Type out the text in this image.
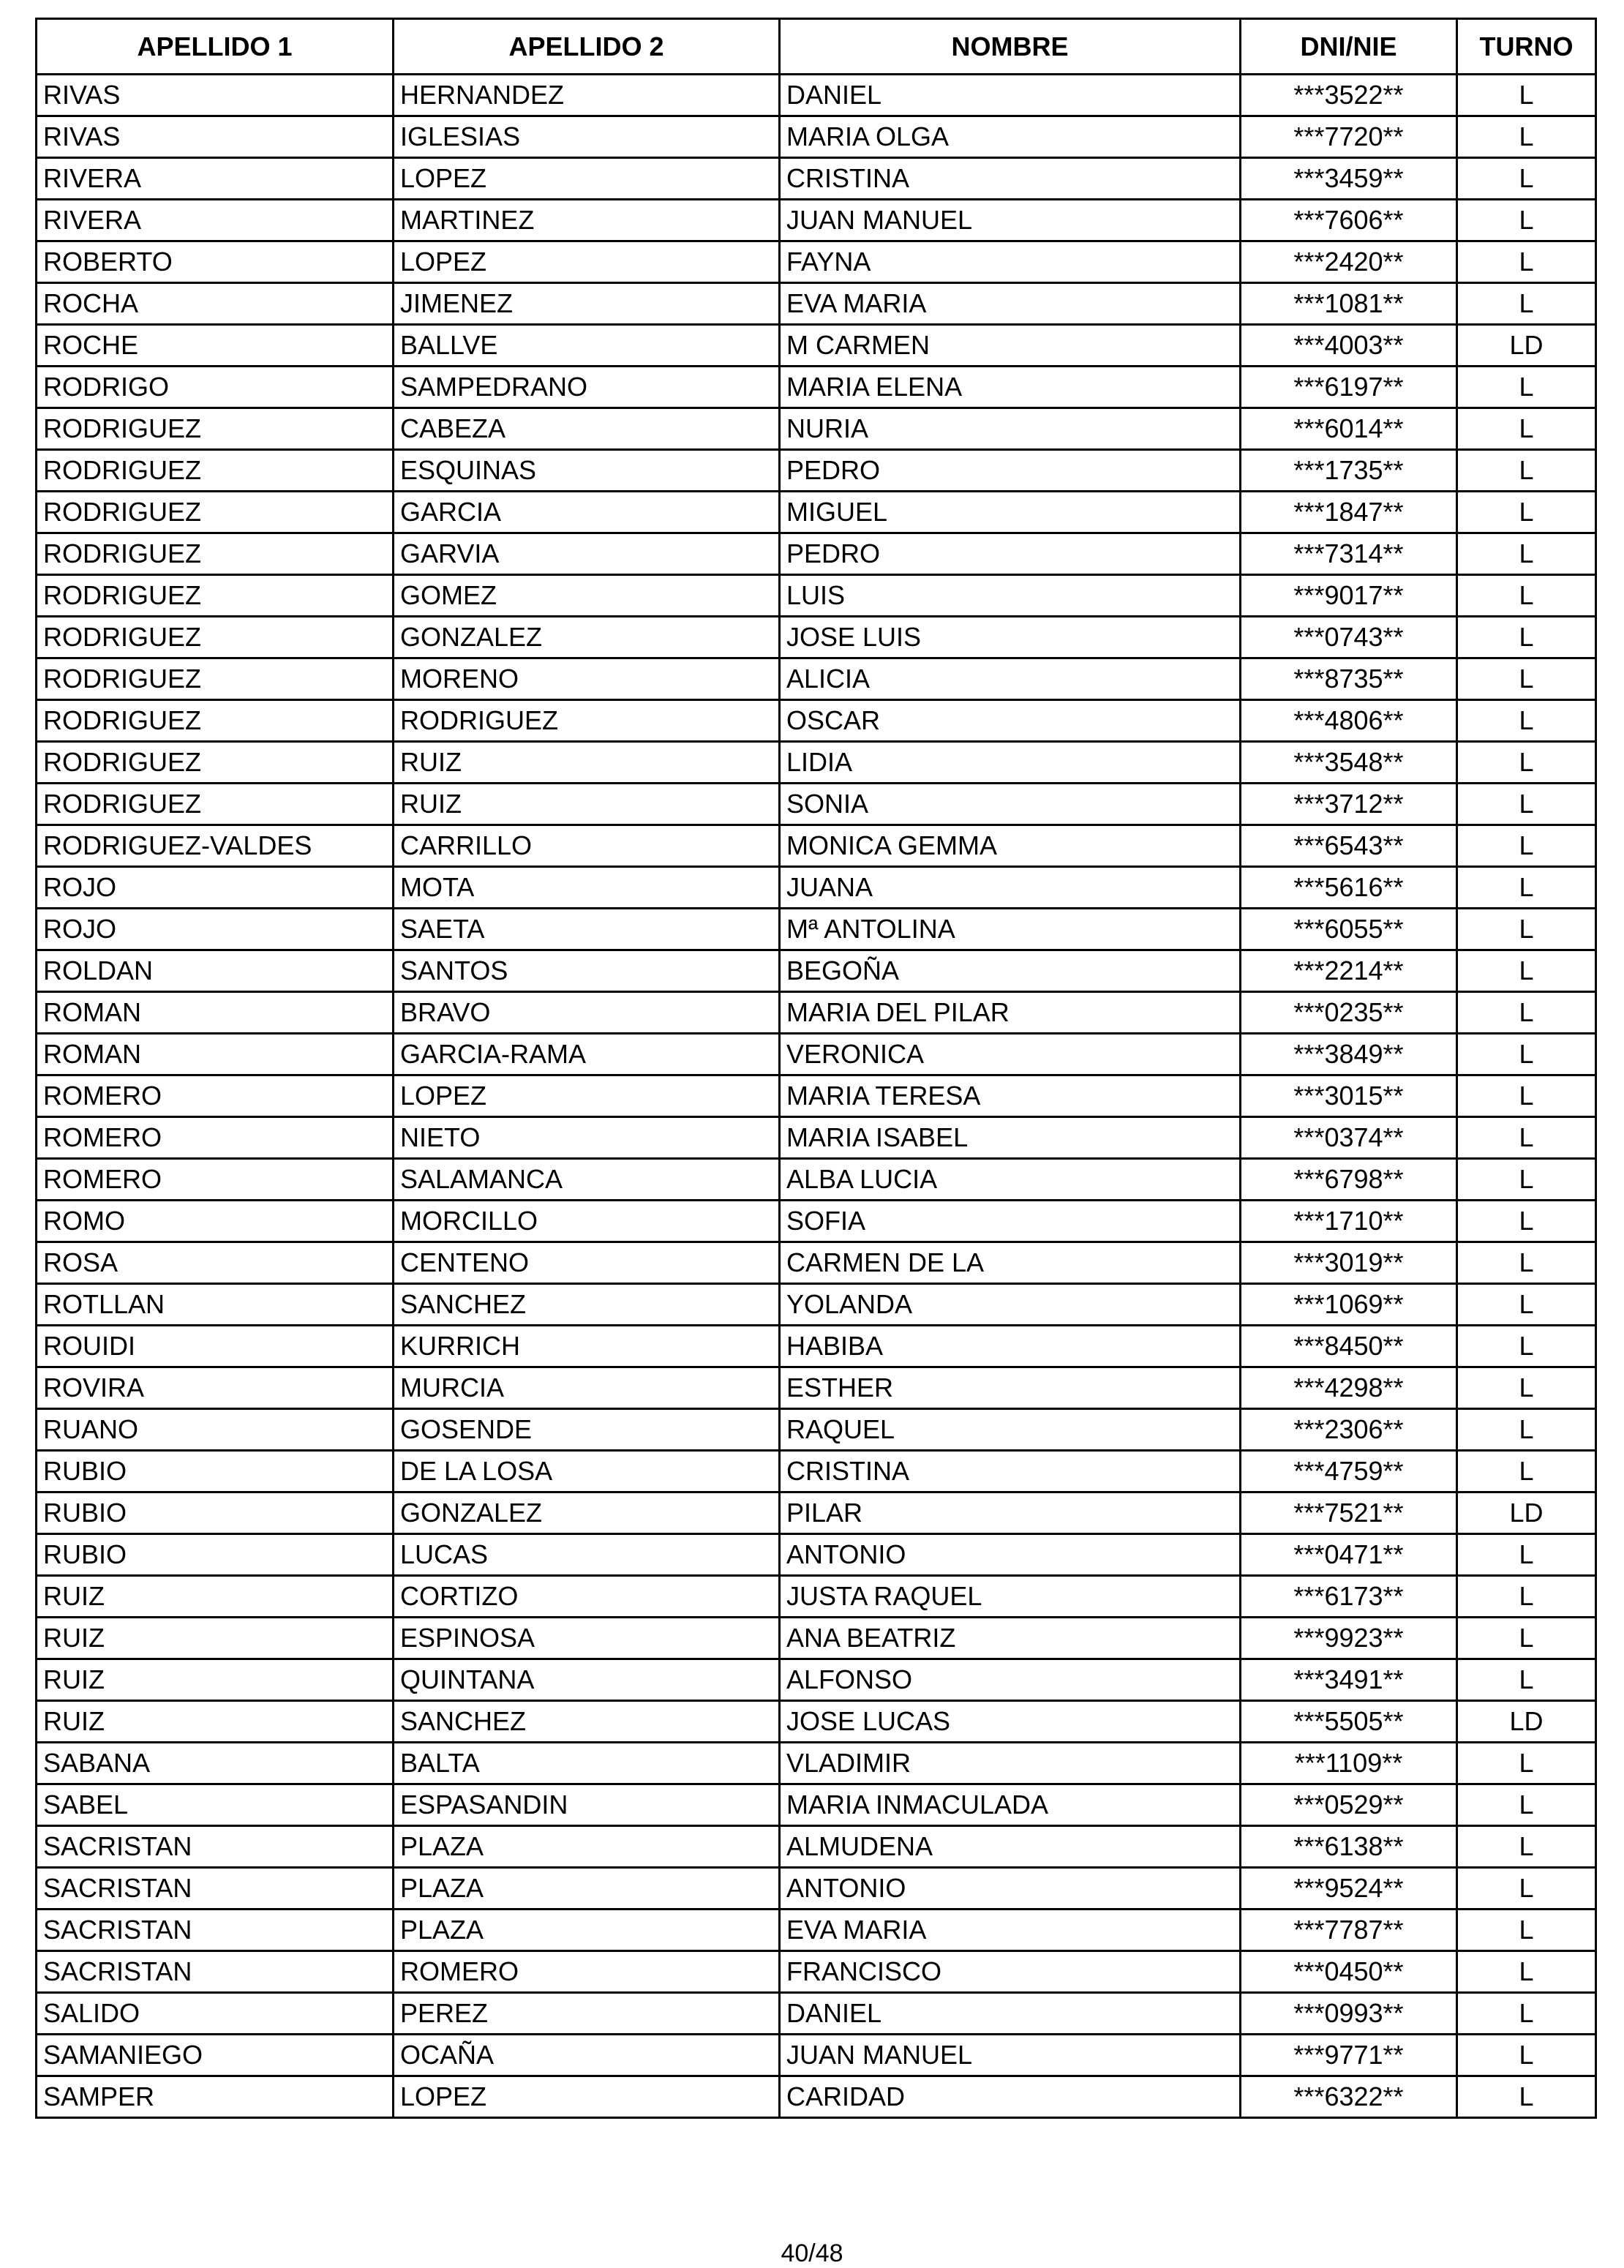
APELLIDO 1	APELLIDO 2	NOMBRE	DNI/NIE	TURNO
RIVAS	HERNANDEZ	DANIEL	***3522**	L
RIVAS	IGLESIAS	MARIA OLGA	***7720**	L
RIVERA	LOPEZ	CRISTINA	***3459**	L
RIVERA	MARTINEZ	JUAN MANUEL	***7606**	L
ROBERTO	LOPEZ	FAYNA	***2420**	L
ROCHA	JIMENEZ	EVA MARIA	***1081**	L
ROCHE	BALLVE	M CARMEN	***4003**	LD
RODRIGO	SAMPEDRANO	MARIA ELENA	***6197**	L
RODRIGUEZ	CABEZA	NURIA	***6014**	L
RODRIGUEZ	ESQUINAS	PEDRO	***1735**	L
RODRIGUEZ	GARCIA	MIGUEL	***1847**	L
RODRIGUEZ	GARVIA	PEDRO	***7314**	L
RODRIGUEZ	GOMEZ	LUIS	***9017**	L
RODRIGUEZ	GONZALEZ	JOSE LUIS	***0743**	L
RODRIGUEZ	MORENO	ALICIA	***8735**	L
RODRIGUEZ	RODRIGUEZ	OSCAR	***4806**	L
RODRIGUEZ	RUIZ	LIDIA	***3548**	L
RODRIGUEZ	RUIZ	SONIA	***3712**	L
RODRIGUEZ-VALDES	CARRILLO	MONICA GEMMA	***6543**	L
ROJO	MOTA	JUANA	***5616**	L
ROJO	SAETA	Mª ANTOLINA	***6055**	L
ROLDAN	SANTOS	BEGOÑA	***2214**	L
ROMAN	BRAVO	MARIA DEL PILAR	***0235**	L
ROMAN	GARCIA-RAMA	VERONICA	***3849**	L
ROMERO	LOPEZ	MARIA TERESA	***3015**	L
ROMERO	NIETO	MARIA ISABEL	***0374**	L
ROMERO	SALAMANCA	ALBA LUCIA	***6798**	L
ROMO	MORCILLO	SOFIA	***1710**	L
ROSA	CENTENO	CARMEN DE LA	***3019**	L
ROTLLAN	SANCHEZ	YOLANDA	***1069**	L
ROUIDI	KURRICH	HABIBA	***8450**	L
ROVIRA	MURCIA	ESTHER	***4298**	L
RUANO	GOSENDE	RAQUEL	***2306**	L
RUBIO	DE LA LOSA	CRISTINA	***4759**	L
RUBIO	GONZALEZ	PILAR	***7521**	LD
RUBIO	LUCAS	ANTONIO	***0471**	L
RUIZ	CORTIZO	JUSTA RAQUEL	***6173**	L
RUIZ	ESPINOSA	ANA BEATRIZ	***9923**	L
RUIZ	QUINTANA	ALFONSO	***3491**	L
RUIZ	SANCHEZ	JOSE LUCAS	***5505**	LD
SABANA	BALTA	VLADIMIR	***1109**	L
SABEL	ESPASANDIN	MARIA INMACULADA	***0529**	L
SACRISTAN	PLAZA	ALMUDENA	***6138**	L
SACRISTAN	PLAZA	ANTONIO	***9524**	L
SACRISTAN	PLAZA	EVA MARIA	***7787**	L
SACRISTAN	ROMERO	FRANCISCO	***0450**	L
SALIDO	PEREZ	DANIEL	***0993**	L
SAMANIEGO	OCAÑA	JUAN MANUEL	***9771**	L
SAMPER	LOPEZ	CARIDAD	***6322**	L
40/48
